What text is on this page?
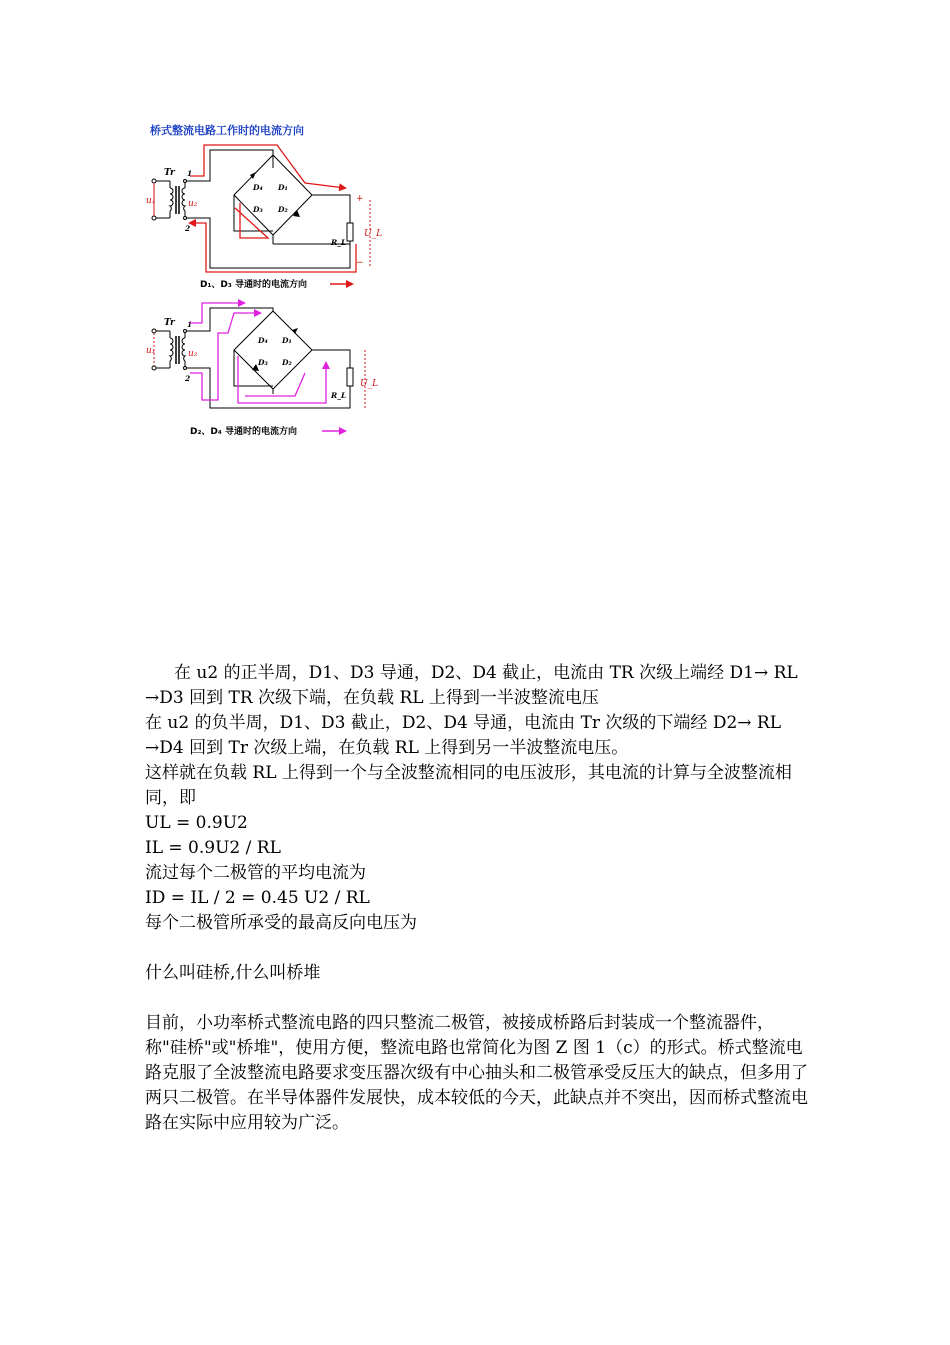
桥式整流电路工作时的电流方向
u₁
Tr 1
2
u₂
D₄ D₁
D₃ D₂
R_L
+
−
U_L
D₁、D₃ 导通时的电流方向
u₁
Tr 1
2
u₂
D₄ D₁
D₃ D₂
R_L
U_L
D₂、D₄ 导通时的电流方向

在 u2 的正半周，D1、D3 导通，D2、D4 截止，电流由 TR 次级上端经 D1→ RL →D3 回到 TR 次级下端，在负载 RL 上得到一半波整流电压

在 u2 的负半周，D1、D3 截止，D2、D4 导通，电流由 Tr 次级的下端经 D2→ RL →D4 回到 Tr 次级上端，在负载 RL 上得到另一半波整流电压。

这样就在负载 RL 上得到一个与全波整流相同的电压波形，其电流的计算与全波整流相同，即

UL = 0.9U2

IL = 0.9U2 / RL

流过每个二极管的平均电流为

ID = IL / 2 = 0.45 U2 / RL

每个二极管所承受的最高反向电压为

什么叫硅桥,什么叫桥堆

目前，小功率桥式整流电路的四只整流二极管，被接成桥路后封装成一个整流器件，称"硅桥"或"桥堆"，使用方便，整流电路也常简化为图 Z 图 1（c）的形式。桥式整流电路克服了全波整流电路要求变压器次级有中心抽头和二极管承受反压大的缺点，但多用了两只二极管。在半导体器件发展快，成本较低的今天，此缺点并不突出，因而桥式整流电路在实际中应用较为广泛。
